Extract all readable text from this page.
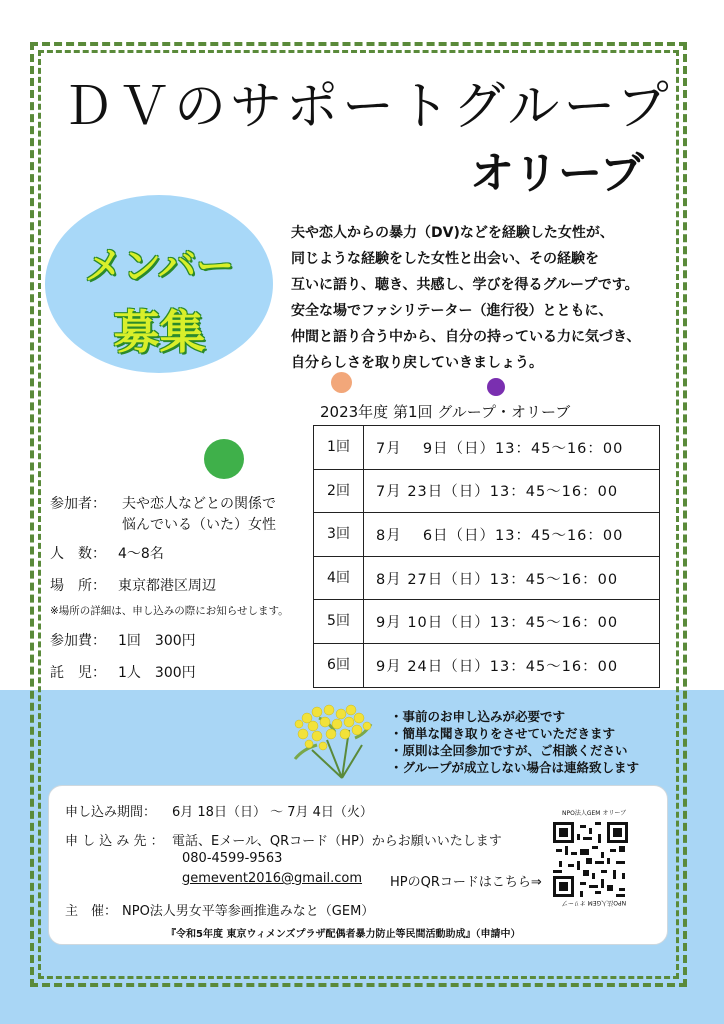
ＤＶのサポートグループ
オリーブ
メンバー
募集
夫や恋人からの暴力（DV)などを経験した女性が、
同じような経験をした女性と出会い、その経験を
互いに語り、聴き、共感し、学びを得るグループです。
安全な場でファシリテーター（進行役）とともに、
仲間と語り合う中から、自分の持っている力に気づき、
自分らしさを取り戻していきましょう。
2023年度 第1回 グループ・オリーブ
1回	7月　 9日（日）13：45～16：00
2回	7月 23日（日）13：45～16：00
3回	8月　 6日（日）13：45～16：00
4回	8月 27日（日）13：45～16：00
5回	9月 10日（日）13：45～16：00
6回	9月 24日（日）13：45～16：00
参加者： 夫や恋人などとの関係で
悩んでいる（いた）女性
人　数： 4～8名
場　所： 東京都港区周辺
※場所の詳細は、申し込みの際にお知らせします。
参加費： 1回　300円
託　児： 1人　300円
・事前のお申し込みが必要です
・簡単な聞き取りをさせていただきます
・原則は全回参加ですが、ご相談ください
・グループが成立しない場合は連絡致します
申し込み期間： 6月 18日（日） ～ 7月 4日（火）
申 し 込 み 先 ： 電話、Eメール、QRコード（HP）からお願いいたします
080-4599-9563
gemevent2016@gmail.com HPのQRコードはこちら⇒
主　催： NPO法人男女平等参画推進みなと（GEM）
NPO法人GEM オリーブ
NPO法人GEM オリーブ
『令和5年度 東京ウィメンズプラザ配偶者暴力防止等民間活動助成』（申請中）
